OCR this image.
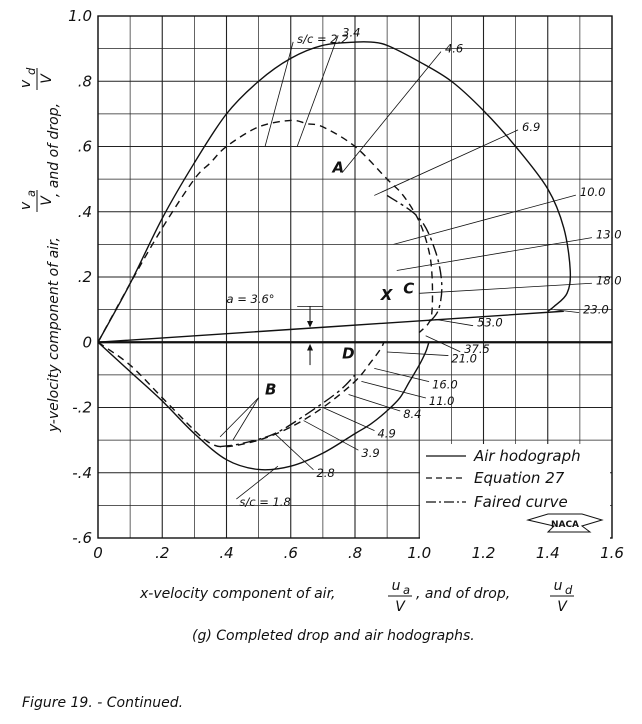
0	.2	.4	.6	.8	1.0	1.2	1.4	1.6
-.6
-.4
-.2
0
.2
.4
.6
.8
1.0
s/c = 2.2
3.4
4.6
6.9
10.0
13.0
18.0
23.0
53.0
37.5
21.0
16.0
11.0
8.4
4.9
3.9
2.8
s/c = 1.8
A
B
C
D
X
a = 3.6°
y-velocity component of air,
v
a
V
, and of drop,
v
d
V
x-velocity component of air,	u a
V
, and of drop,	u d
V
Air hodograph
Equation 27
Faired curve
NACA
(g) Completed drop and air hodographs.
Figure 19. - Continued.
